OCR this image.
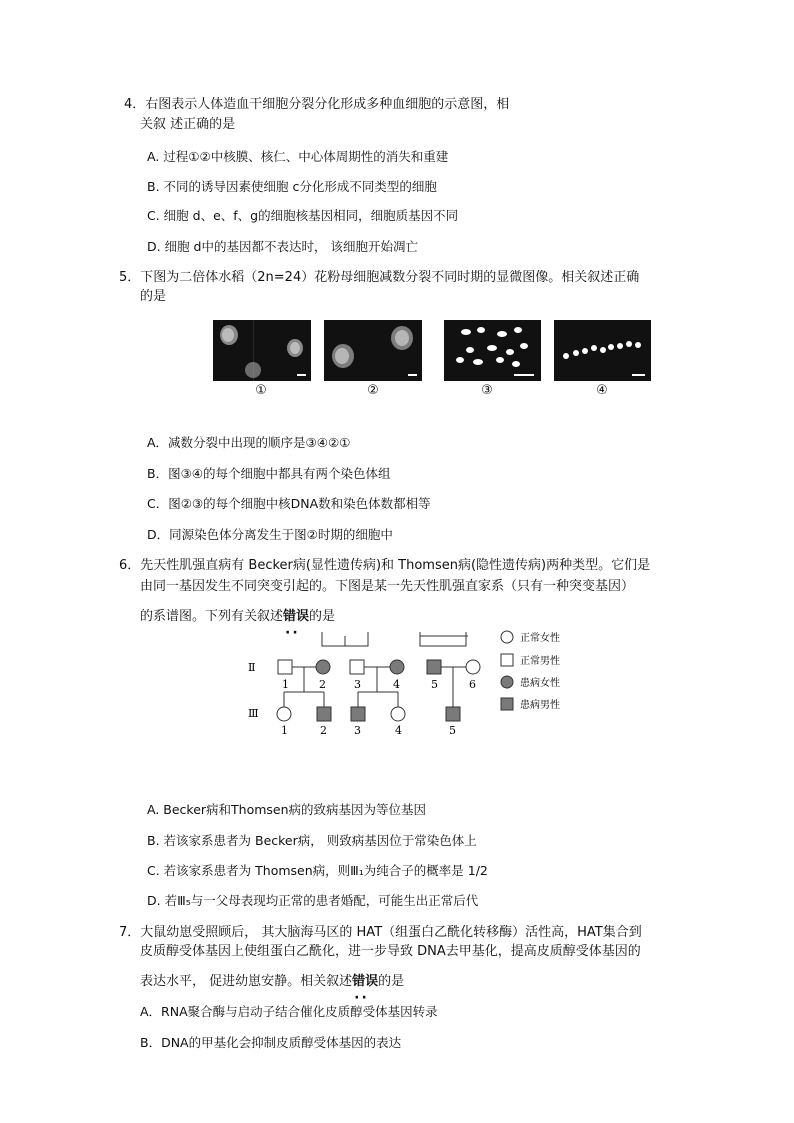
4．右图表示人体造血干细胞分裂分化形成多种血细胞的示意图，相
关叙 述正确的是
A. 过程①②中核膜、核仁、中心体周期性的消失和重建
B. 不同的诱导因素使细胞 c分化形成不同类型的细胞
C. 细胞 d、e、f、g的细胞核基因相同，细胞质基因不同
D. 细胞 d中的基因都不表达时， 该细胞开始凋亡
5．下图为二倍体水稻（2n=24）花粉母细胞减数分裂不同时期的显微图像。相关叙述正确
的是
①	②	③	④
A．减数分裂中出现的顺序是③④②①
B．图③④的每个细胞中都具有两个染色体组
C．图②③的每个细胞中核DNA数和染色体数都相等
D．同源染色体分离发生于图②时期的细胞中
6．先天性肌强直病有 Becker病(显性遗传病)和 Thomsen病(隐性遗传病)两种类型。它们是
由同一基因发生不同突变引起的。下图是某一先天性肌强直家系（只有一种突变基因）
的系谱图。下列有关叙述错误 ··的是
Ⅱ
Ⅲ
1	2	3	4	5	6
1	2 3	4	5
正常女性
正常男性
患病女性
患病男性
A. Becker病和Thomsen病的致病基因为等位基因
B. 若该家系患者为 Becker病， 则致病基因位于常染色体上
C. 若该家系患者为 Thomsen病，则Ⅲ₁为纯合子的概率是 1/2
D. 若Ⅲ₅与一父母表现均正常的患者婚配，可能生出正常后代
7．大鼠幼崽受照顾后， 其大脑海马区的 HAT（组蛋白乙酰化转移酶）活性高，HAT集合到
皮质醇受体基因上使组蛋白乙酰化，进一步导致 DNA去甲基化，提高皮质醇受体基因的
表达水平， 促进幼崽安静。相关叙述错误 ··的是
A．RNA聚合酶与启动子结合催化皮质醇受体基因转录
B．DNA的甲基化会抑制皮质醇受体基因的表达
